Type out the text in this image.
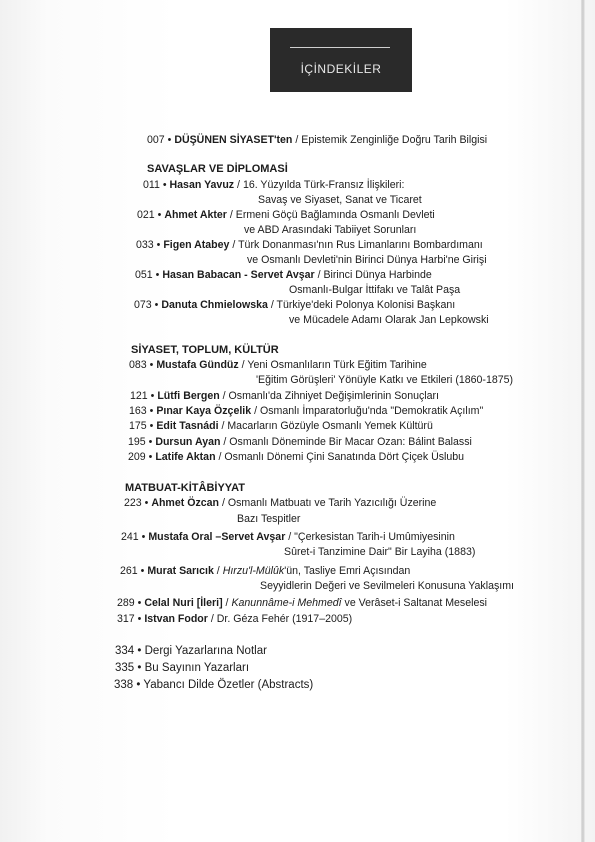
İÇİNDEKİLER
007 • DÜŞÜNEN SİYASET'ten / Epistemik Zenginliğe Doğru Tarih Bilgisi
SAVAŞLAR VE DİPLOMASİ
011 • Hasan Yavuz / 16. Yüzyılda Türk-Fransız İlişkileri:
Savaş ve Siyaset, Sanat ve Ticaret
021 • Ahmet Akter / Ermeni Göçü Bağlamında Osmanlı Devleti
ve ABD Arasındaki Tabiiyet Sorunları
033 • Figen Atabey / Türk Donanması'nın Rus Limanlarını Bombardımanı
ve Osmanlı Devleti'nin Birinci Dünya Harbi'ne Girişi
051 • Hasan Babacan - Servet Avşar / Birinci Dünya Harbinde
Osmanlı-Bulgar İttifakı ve Talât Paşa
073 • Danuta Chmielowska / Türkiye'deki Polonya Kolonisi Başkanı
ve Mücadele Adamı Olarak Jan Lepkowski
SİYASET, TOPLUM, KÜLTÜR
083 • Mustafa Gündüz / Yeni Osmanlıların Türk Eğitim Tarihine
'Eğitim Görüşleri' Yönüyle Katkı ve Etkileri (1860-1875)
121 • Lütfi Bergen / Osmanlı'da Zihniyet Değişimlerinin Sonuçları
163 • Pınar Kaya Özçelik / Osmanlı İmparatorluğu'nda "Demokratik Açılım"
175 • Edit Tasnádi / Macarların Gözüyle Osmanlı Yemek Kültürü
195 • Dursun Ayan / Osmanlı Döneminde Bir Macar Ozan: Bálint Balassi
209 • Latife Aktan / Osmanlı Dönemi Çini Sanatında Dört Çiçek Üslubu
MATBUAT-KİTÂBİYYAT
223 • Ahmet Özcan / Osmanlı Matbuatı ve Tarih Yazıcılığı Üzerine
Bazı Tespitler
241 • Mustafa Oral –Servet Avşar / "Çerkesistan Tarih-i Umûmiyesinin
Sûret-i Tanzimine Dair" Bir Layiha (1883)
261 • Murat Sarıcık / Hırzu'l-Mülûk'ün, Tasliye Emri Açısından
Seyyidlerin Değeri ve Sevilmeleri Konusuna Yaklaşımı
289 • Celal Nuri [İleri] / Kanunnâme-i Mehmedî ve Verâset-i Saltanat Meselesi
317 • Istvan Fodor / Dr. Géza Fehér (1917–2005)
334 • Dergi Yazarlarına Notlar
335 • Bu Sayının Yazarları
338 • Yabancı Dilde Özetler (Abstracts)
